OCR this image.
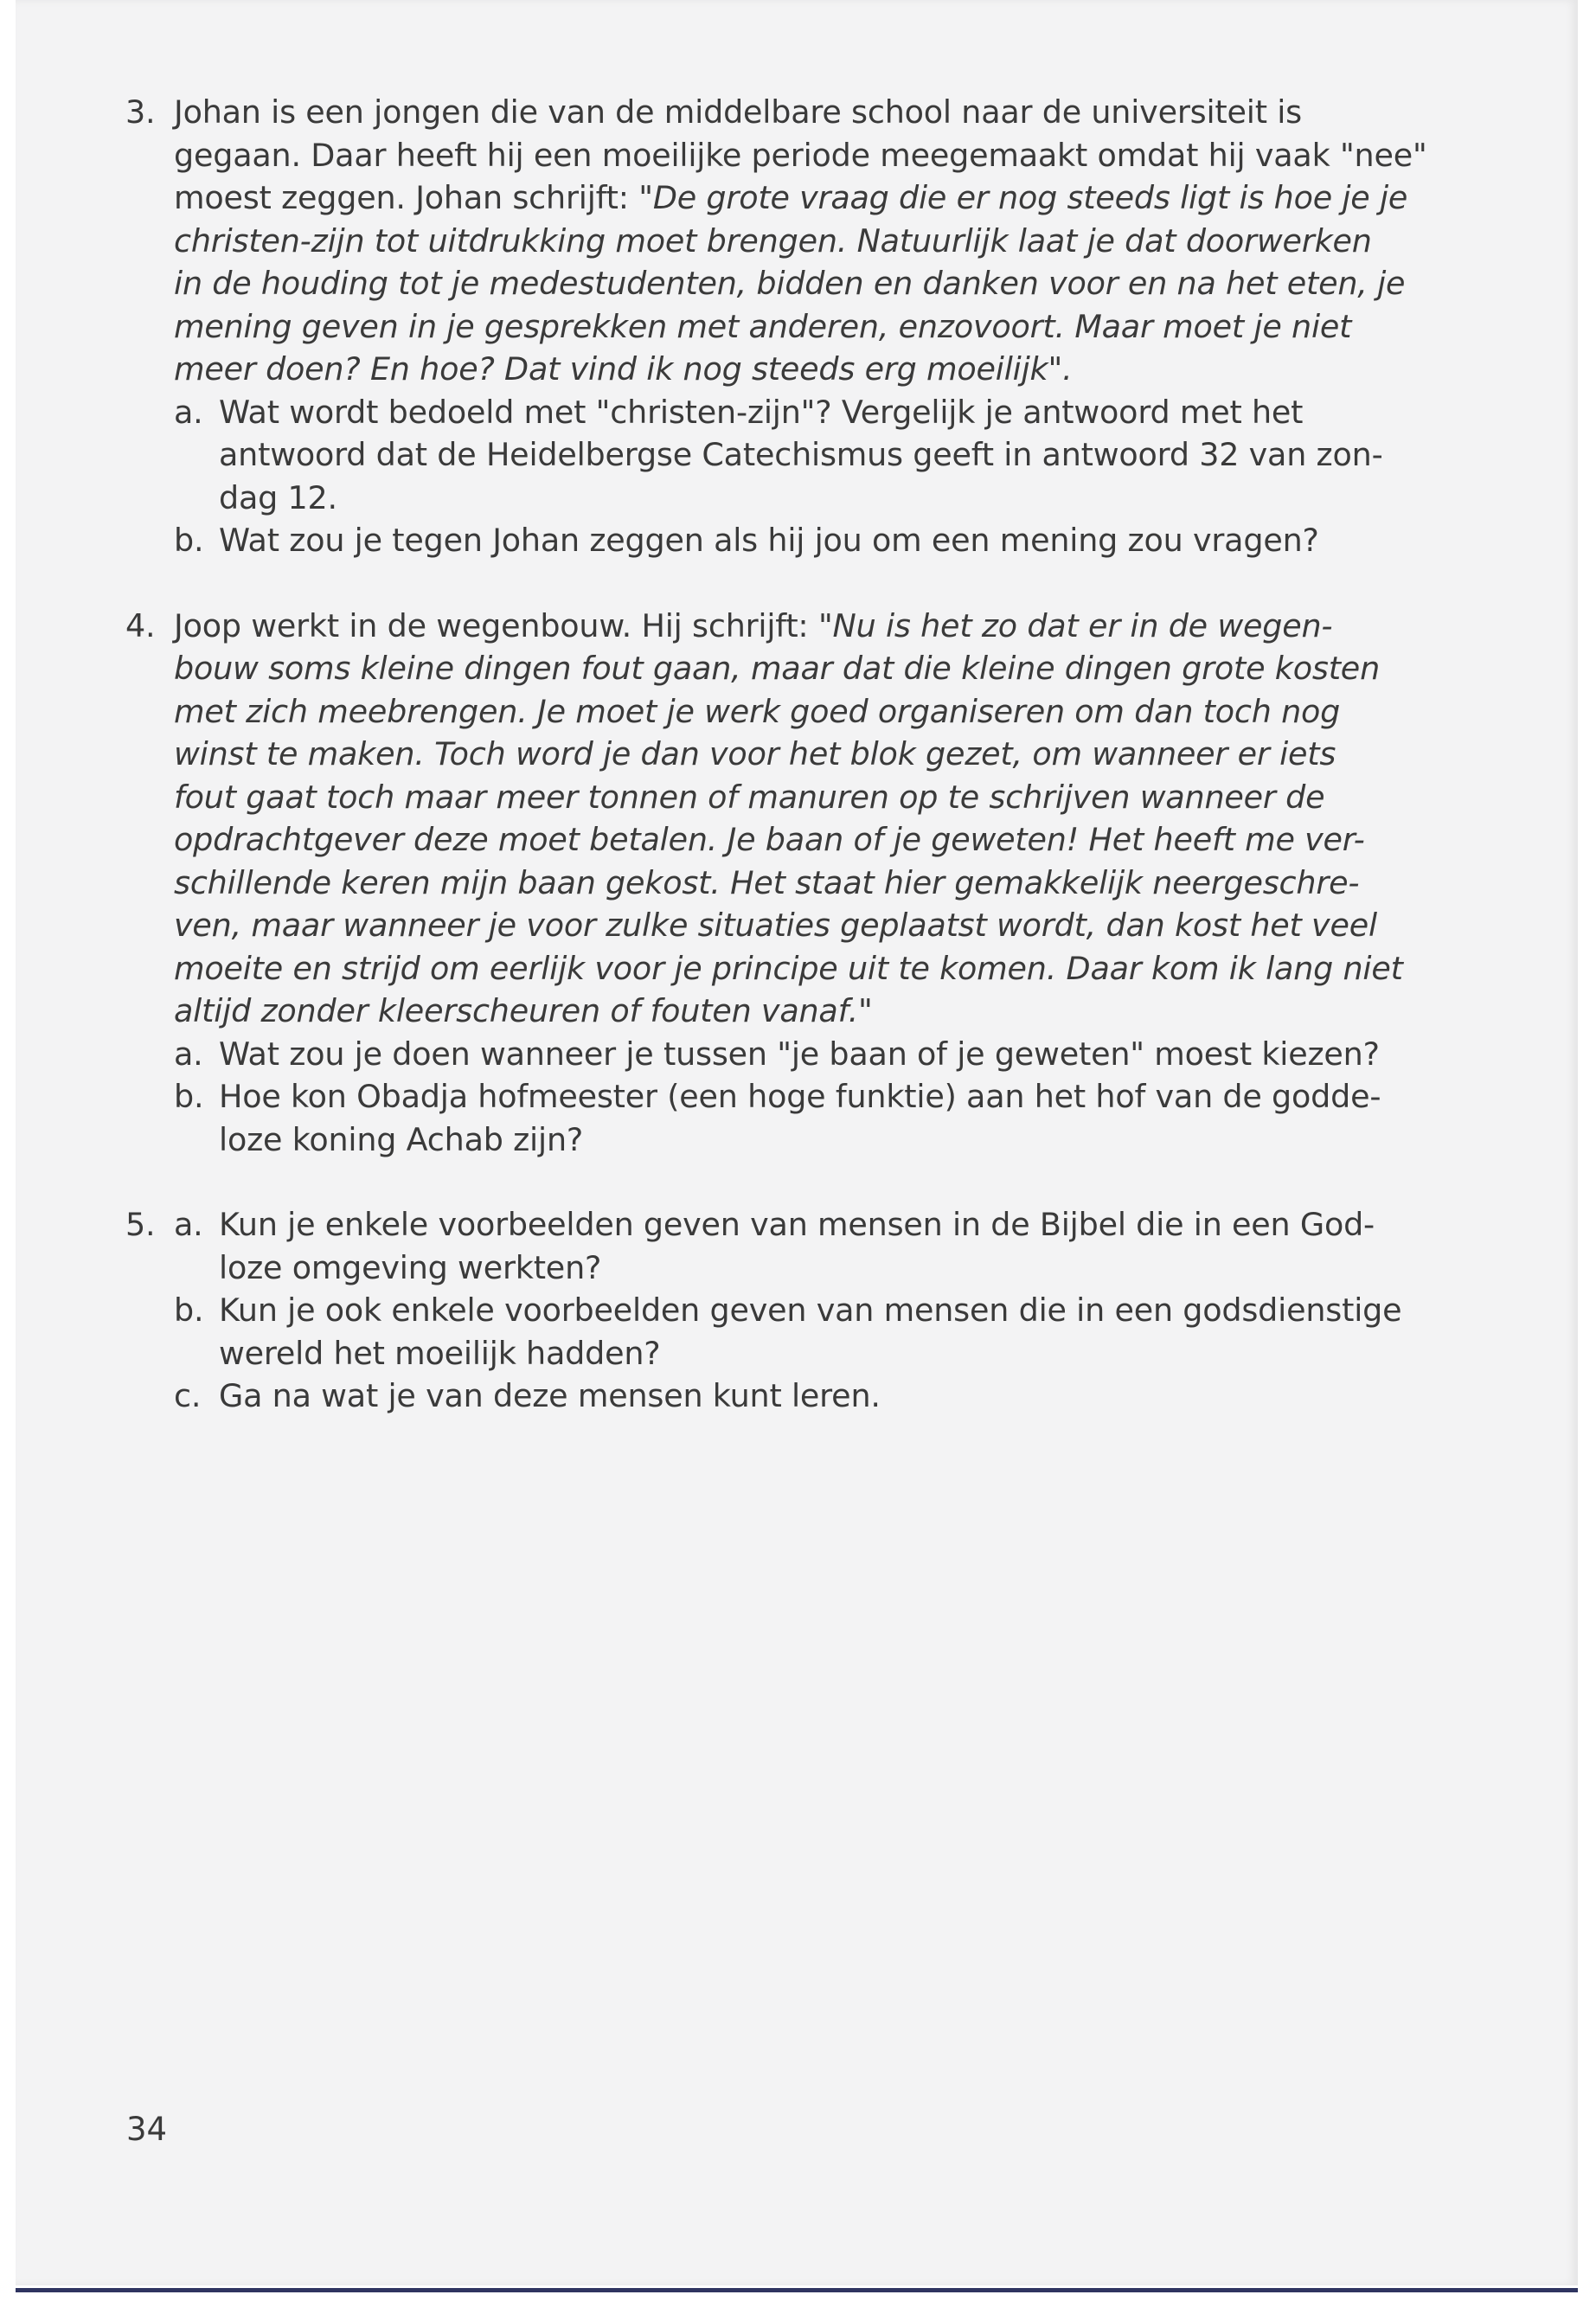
3. Johan is een jongen die van de middelbare school naar de universiteit is

gegaan. Daar heeft hij een moeilijke periode meegemaakt omdat hij vaak "nee"

moest zeggen. Johan schrijft: "De grote vraag die er nog steeds ligt is hoe je je

christen-zijn tot uitdrukking moet brengen. Natuurlijk laat je dat doorwerken

in de houding tot je medestudenten, bidden en danken voor en na het eten, je

mening geven in je gesprekken met anderen, enzovoort. Maar moet je niet

meer doen? En hoe? Dat vind ik nog steeds erg moeilijk".

a. Wat wordt bedoeld met "christen-zijn"? Vergelijk je antwoord met het

antwoord dat de Heidelbergse Catechismus geeft in antwoord 32 van zon-

dag 12.

b. Wat zou je tegen Johan zeggen als hij jou om een mening zou vragen?

4. Joop werkt in de wegenbouw. Hij schrijft: "Nu is het zo dat er in de wegen-

bouw soms kleine dingen fout gaan, maar dat die kleine dingen grote kosten

met zich meebrengen. Je moet je werk goed organiseren om dan toch nog

winst te maken. Toch word je dan voor het blok gezet, om wanneer er iets

fout gaat toch maar meer tonnen of manuren op te schrijven wanneer de

opdrachtgever deze moet betalen. Je baan of je geweten! Het heeft me ver-

schillende keren mijn baan gekost. Het staat hier gemakkelijk neergeschre-

ven, maar wanneer je voor zulke situaties geplaatst wordt, dan kost het veel

moeite en strijd om eerlijk voor je principe uit te komen. Daar kom ik lang niet

altijd zonder kleerscheuren of fouten vanaf."

a. Wat zou je doen wanneer je tussen "je baan of je geweten" moest kiezen?

b. Hoe kon Obadja hofmeester (een hoge funktie) aan het hof van de godde-

loze koning Achab zijn?

5. a. Kun je enkele voorbeelden geven van mensen in de Bijbel die in een God-

loze omgeving werkten?

b. Kun je ook enkele voorbeelden geven van mensen die in een godsdienstige

wereld het moeilijk hadden?

c. Ga na wat je van deze mensen kunt leren.

34
